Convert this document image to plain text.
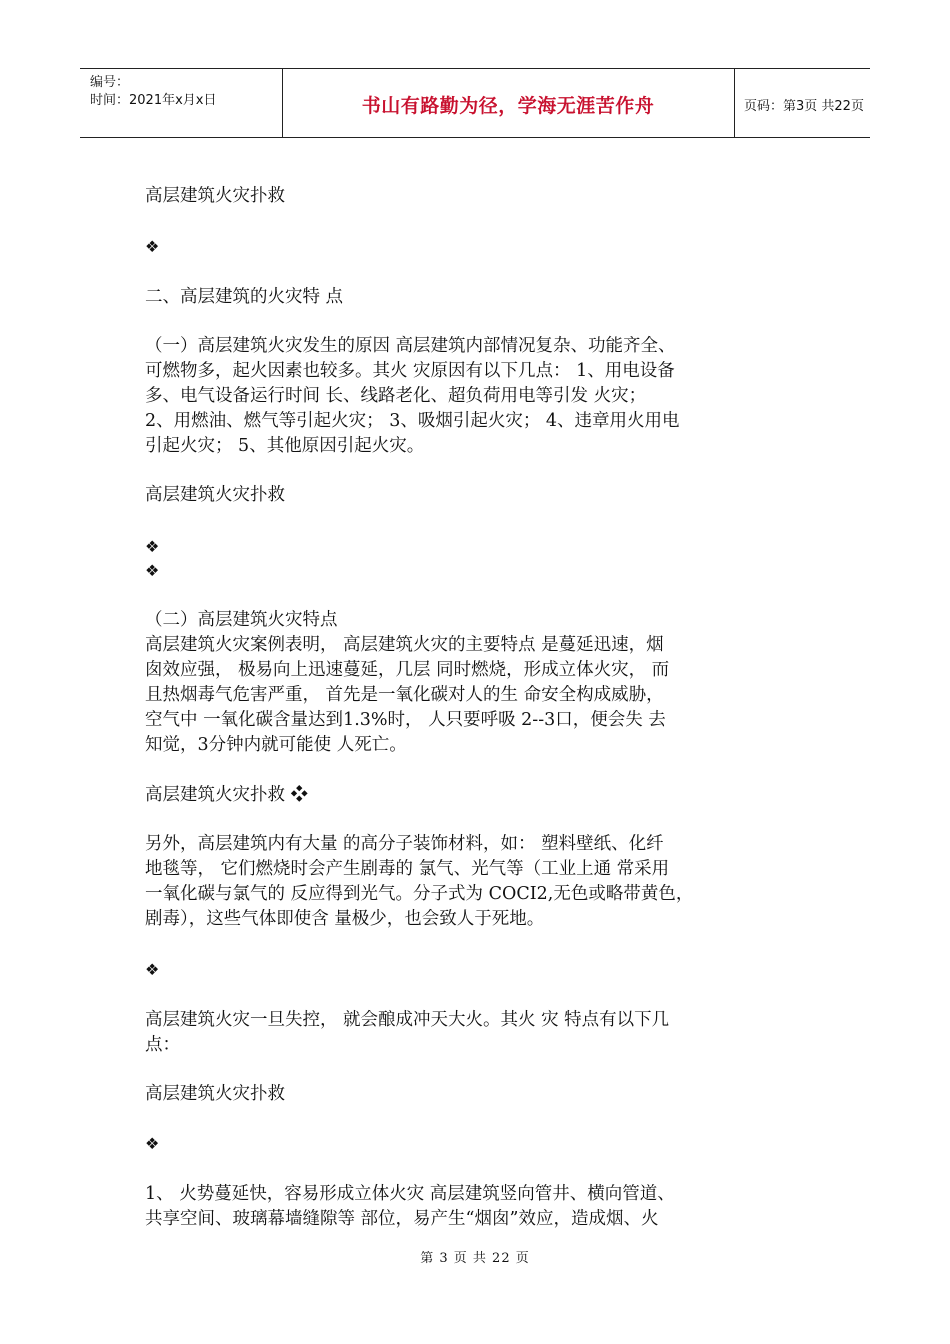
编号：
时间：2021年x月x日	书山有路勤为径，学海无涯苦作舟	页码：第3页 共22页
高层建筑火灾扑救
❖
二、高层建筑的火灾特 点
（一）高层建筑火灾发生的原因 高层建筑内部情况复杂、功能齐全、
可燃物多，起火因素也较多。其火 灾原因有以下几点： 1、用电设备
多、电气设备运行时间 长、线路老化、超负荷用电等引发 火灾；
2、用燃油、燃气等引起火灾； 3、吸烟引起火灾； 4、违章用火用电
引起火灾； 5、其他原因引起火灾。
高层建筑火灾扑救
❖
❖
（二）高层建筑火灾特点
高层建筑火灾案例表明， 高层建筑火灾的主要特点 是蔓延迅速，烟
囱效应强， 极易向上迅速蔓延，几层 同时燃烧，形成立体火灾， 而
且热烟毒气危害严重， 首先是一氧化碳对人的生 命安全构成威胁，
空气中 一氧化碳含量达到1.3%时， 人只要呼吸 2--3口，便会失 去
知觉，3分钟内就可能使 人死亡。
高层建筑火灾扑救 ❖
另外，高层建筑内有大量 的高分子装饰材料，如： 塑料壁纸、化纤
地毯等， 它们燃烧时会产生剧毒的 氯气、光气等（工业上通 常采用
一氧化碳与氯气的 反应得到光气。分子式为 COCI2,无色或略带黄色，
剧毒），这些气体即使含 量极少，也会致人于死地。
❖
高层建筑火灾一旦失控， 就会酿成冲天大火。其火 灾 特点有以下几
点：
高层建筑火灾扑救
❖
1、 火势蔓延快，容易形成立体火灾 高层建筑竖向管井、横向管道、
共享空间、玻璃幕墙缝隙等 部位，易产生“烟囱”效应，造成烟、火
第 3 页 共 22 页
